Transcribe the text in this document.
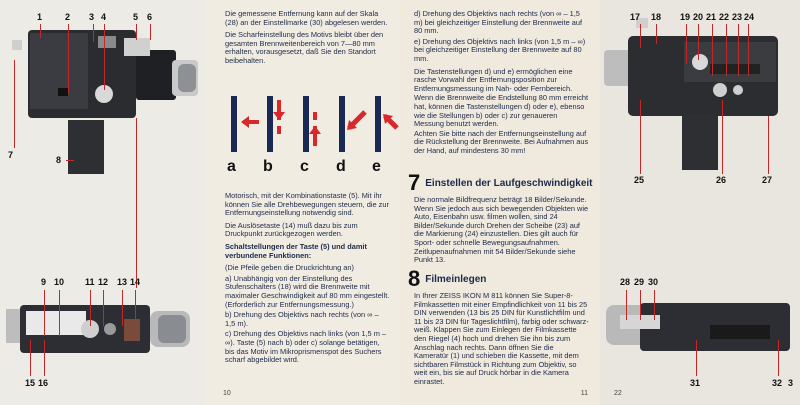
1	2 3 4	5 6
7	8
9 10 11 12 13 14
15 16

Die gemessene Entfernung kann auf der Skala (28) an der Einstellmarke (30) abgelesen werden.

Die Scharfeinstellung des Motivs bleibt über den gesamten Brennweitenbereich von 7—80 mm erhalten, vorausgesetzt, daß Sie den Standort beibehalten.

a b c d e

Motorisch, mit der Kombinationstaste (5). Mit ihr können Sie alle Drehbewegungen steuern, die zur Entfernungseinstellung notwendig sind.

Die Auslösetaste (14) muß dazu bis zum Druckpunkt zurückgezogen werden.

Schaltstellungen der Taste (5) und damit verbundene Funktionen:

(Die Pfeile geben die Druckrichtung an)

a) Unabhängig von der Einstellung des Stufenschalters (18) wird die Brennweite mit maximaler Geschwindigkeit auf 80 mm eingestellt. (Erforderlich zur Entfernungsmessung.)

b) Drehung des Objektivs nach rechts (von ∞ – 1,5 m).

c) Drehung des Objektivs nach links (von 1,5 m – ∞). Taste (5) nach b) oder c) solange betätigen, bis das Motiv im Mikroprismenspot des Suchers scharf abgebildet wird.

10

d) Drehung des Objektivs nach rechts (von ∞ – 1,5 m) bei gleichzeitiger Einstellung der Brennweite auf 80 mm.

e) Drehung des Objektivs nach links (von 1,5 m – ∞) bei gleichzeitiger Einstellung der Brennweite auf 80 mm.

Die Tastenstellungen d) und e) ermöglichen eine rasche Vorwahl der Entfernungsposition zur Entfernungsmessung im Nah- oder Fernbereich.

Wenn die Brennweite die Endstellung 80 mm erreicht hat, können die Tastenstellungen d) oder e), ebenso wie die Stellungen b) oder c) zur genaueren Messung benutzt werden.

Achten Sie bitte nach der Entfernungseinstellung auf die Rückstellung der Brennweite. Bei Aufnahmen aus der Hand, auf mindestens 30 mm!

7 Einstellen der Laufgeschwindigkeit

Die normale Bildfrequenz beträgt 18 Bilder/Sekunde. Wenn Sie jedoch aus sich bewegenden Objekten wie Auto, Eisenbahn usw. filmen wollen, sind 24 Bilder/Sekunde durch Drehen der Scheibe (23) auf die Markierung (24) einzustellen. Dies gilt auch für Sport- oder schnelle Bewegungsaufnahmen. Zeitlupenaufnahmen mit 54 Bilder/Sekunde siehe Punkt 13.

8 Filmeinlegen

In Ihrer ZEISS IKON M 811 können Sie Super-8-Filmkassetten mit einer Empfindlichkeit von 11 bis 25 DIN verwenden (13 bis 25 DIN für Kunstlichtfilm und 11 bis 23 DIN für Tageslichtfilm), farbig oder schwarz-weiß. Klappen Sie zum Einlegen der Filmkassette den Riegel (4) hoch und drehen Sie ihn bis zum Anschlag nach rechts. Dann öffnen Sie die Kameratür (1) und schieben die Kassette, mit dem sichtbaren Filmstück in Richtung zum Objektiv, so weit ein, bis sie auf Druck hörbar in die Kamera einrastet.

11
17 18 19 20 21 22 23 24
25	26	27
28 29 30
31	32 3
22
